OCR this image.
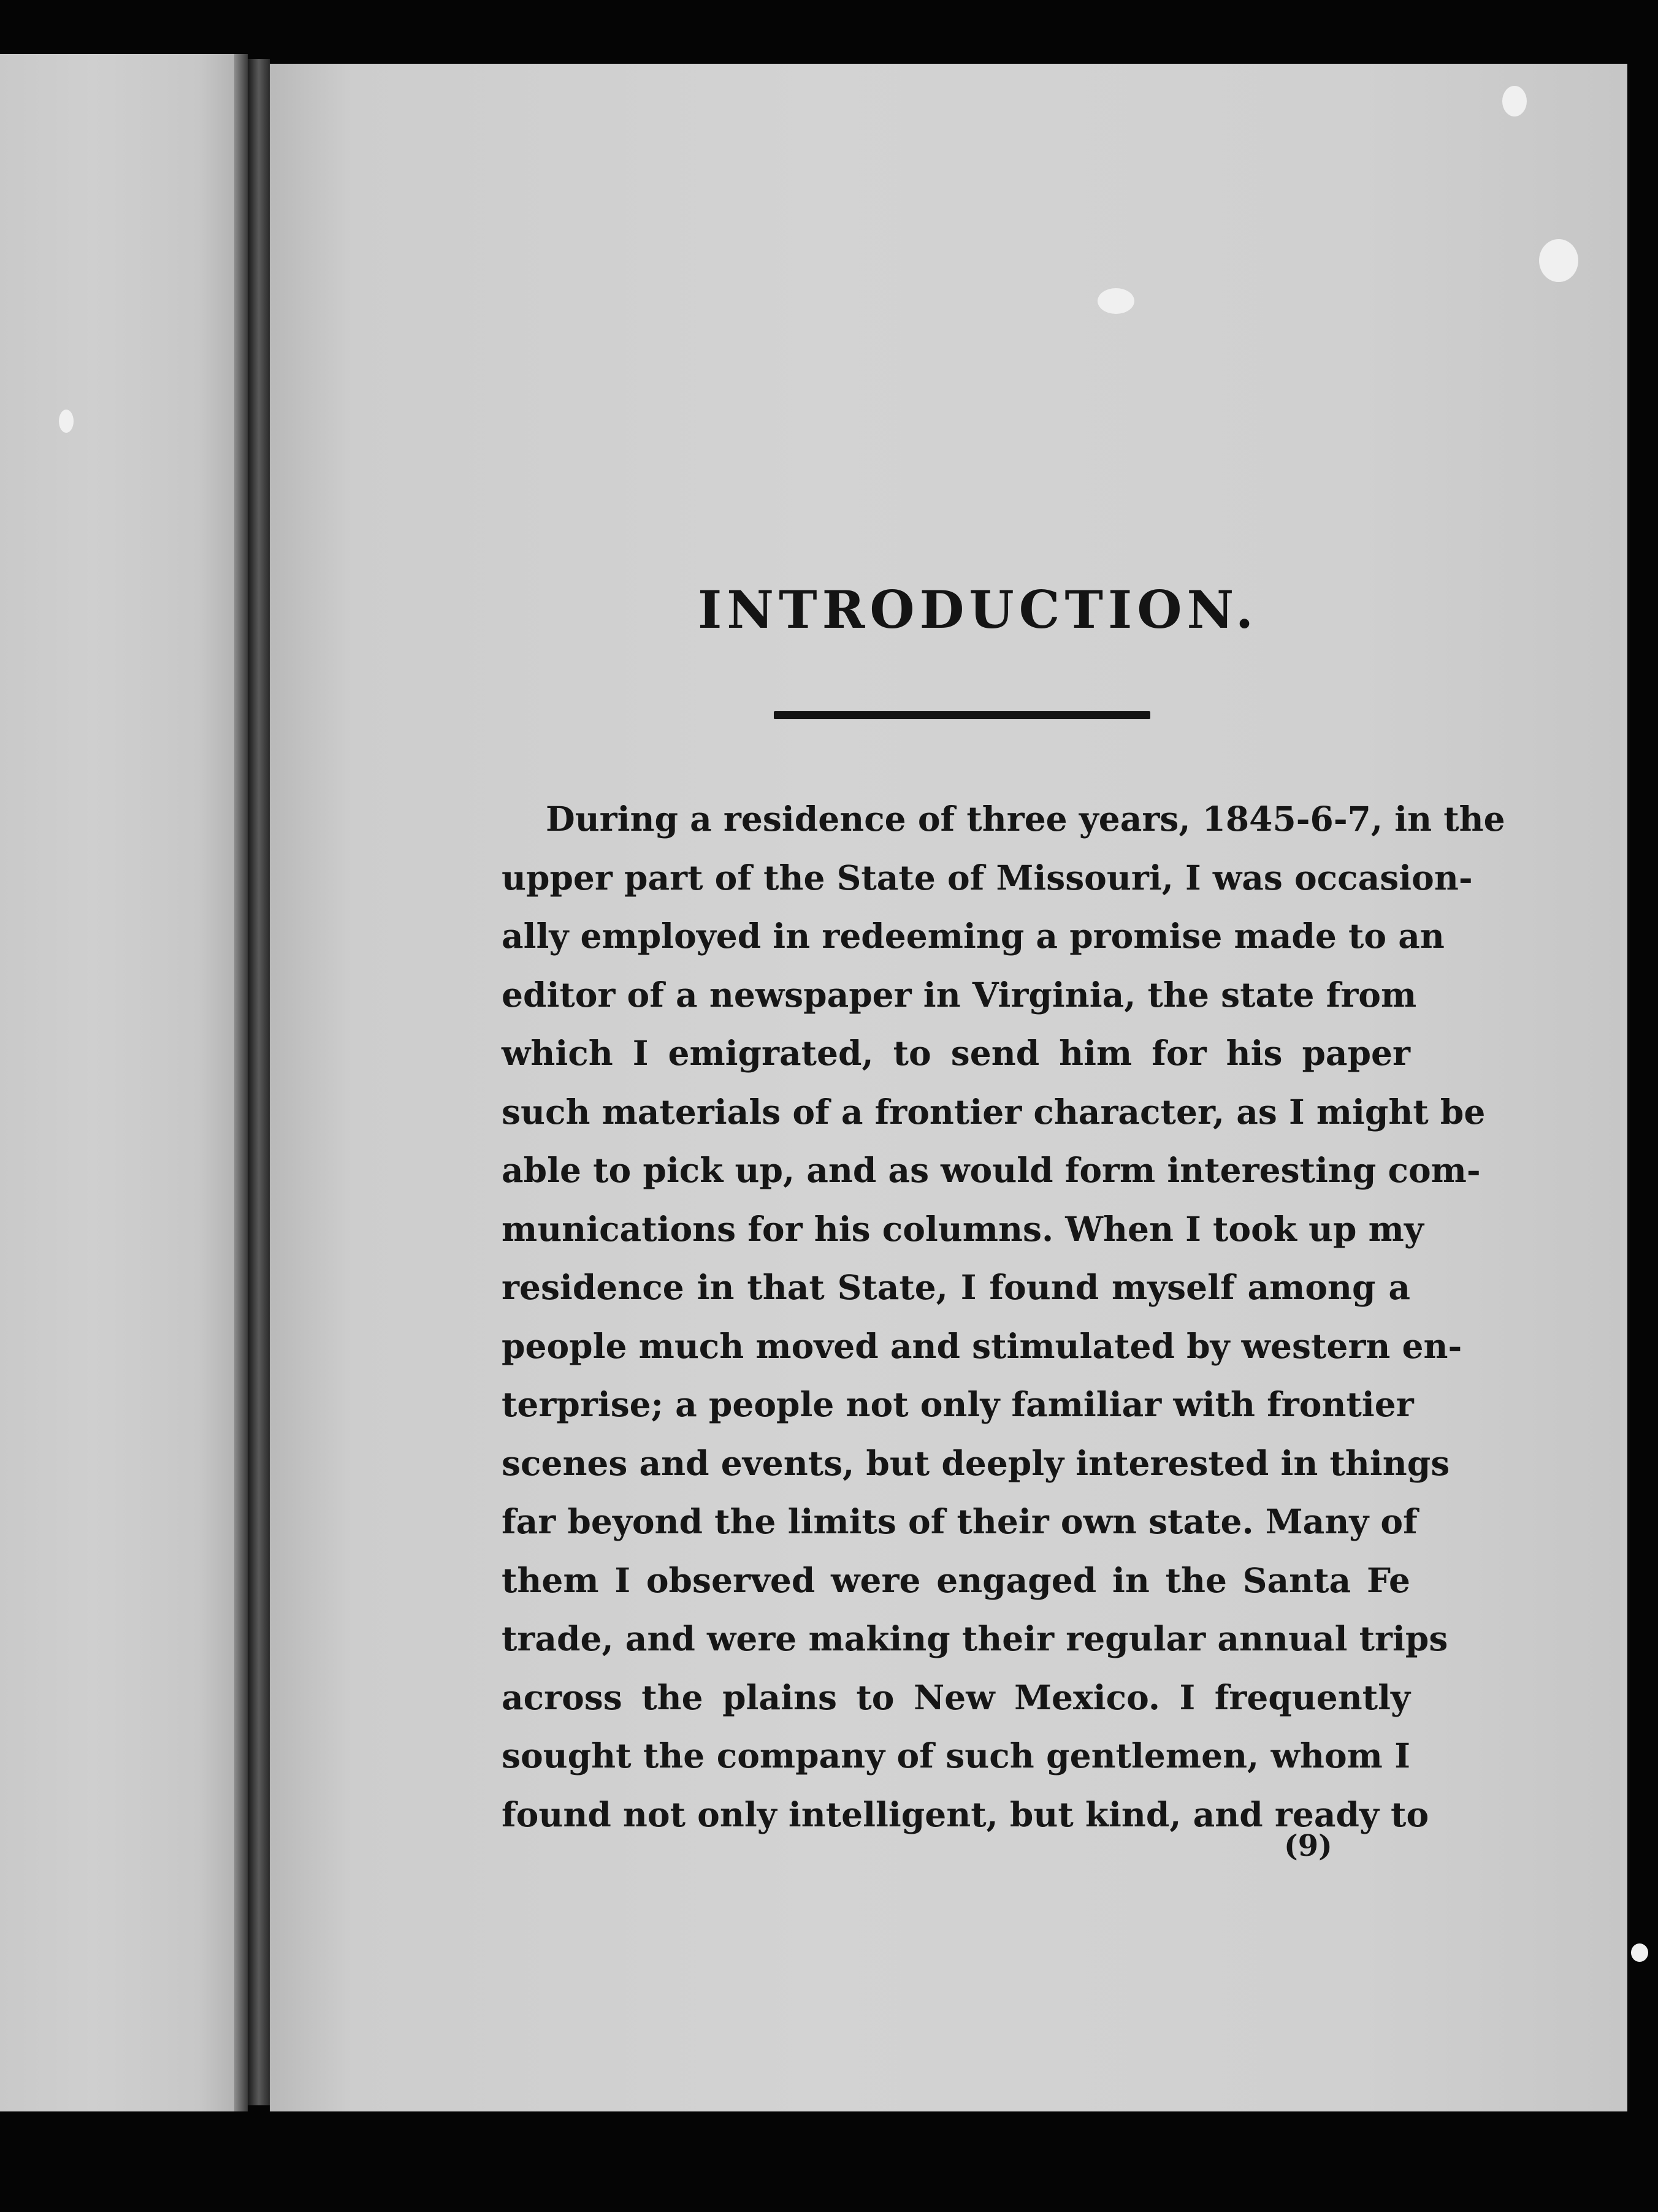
INTRODUCTION.
During a residence of three years, 1845-6-7, in the
upper part of the State of Missouri, I was occasion-
ally employed in redeeming a promise made to an
editor of a newspaper in Virginia, the state from
which I emigrated, to send him for his paper
such materials of a frontier character, as I might be
able to pick up, and as would form interesting com-
munications for his columns. When I took up my
residence in that State, I found myself among a
people much moved and stimulated by western en-
terprise; a people not only familiar with frontier
scenes and events, but deeply interested in things
far beyond the limits of their own state. Many of
them I observed were engaged in the Santa Fe
trade, and were making their regular annual trips
across the plains to New Mexico. I frequently
sought the company of such gentlemen, whom I
found not only intelligent, but kind, and ready to
(9)
